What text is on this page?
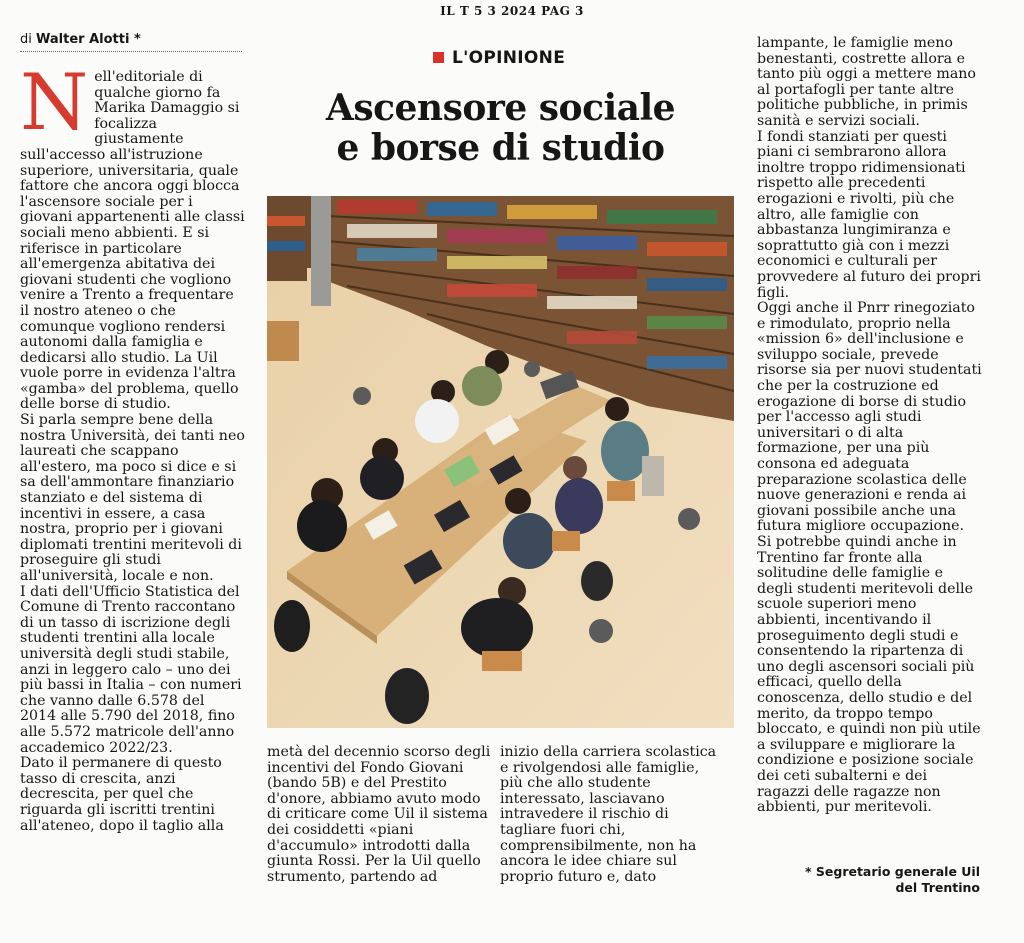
IL T 5 3 2024 PAG 3
di Walter Alotti *

Nell'editoriale di qualche giorno fa Marika Damaggio si focalizza giustamente sull'accesso all'istruzione superiore, universitaria, quale fattore che ancora oggi blocca l'ascensore sociale per i giovani appartenenti alle classi sociali meno abbienti. E si riferisce in particolare all'emergenza abitativa dei giovani studenti che vogliono venire a Trento a frequentare il nostro ateneo o che comunque vogliono rendersi autonomi dalla famiglia e dedicarsi allo studio. La Uil vuole porre in evidenza l'altra «gamba» del problema, quello delle borse di studio.

Si parla sempre bene della nostra Università, dei tanti neo laureati che scappano all'estero, ma poco si dice e si sa dell'ammontare finanziario stanziato e del sistema di incentivi in essere, a casa nostra, proprio per i giovani diplomati trentini meritevoli di proseguire gli studi all'università, locale e non.

I dati dell'Ufficio Statistica del Comune di Trento raccontano di un tasso di iscrizione degli studenti trentini alla locale università degli studi stabile, anzi in leggero calo – uno dei più bassi in Italia – con numeri che vanno dalle 6.578 del 2014 alle 5.790 del 2018, fino alle 5.572 matricole dell'anno accademico 2022/23.

Dato il permanere di questo tasso di crescita, anzi decrescita, per quel che riguarda gli iscritti trentini all'ateneo, dopo il taglio alla

L'OPINIONE
Ascensore sociale
e borse di studio

metà del decennio scorso degli incentivi del Fondo Giovani (bando 5B) e del Prestito d'onore, abbiamo avuto modo di criticare come Uil il sistema dei cosiddetti «piani d'accumulo» introdotti dalla giunta Rossi. Per la Uil quello strumento, partendo ad

inizio della carriera scolastica e rivolgendosi alle famiglie, più che allo studente interessato, lasciavano intravedere il rischio di tagliare fuori chi, comprensibilmente, non ha ancora le idee chiare sul proprio futuro e, dato

lampante, le famiglie meno benestanti, costrette allora e tanto più oggi a mettere mano al portafogli per tante altre politiche pubbliche, in primis sanità e servizi sociali.

I fondi stanziati per questi piani ci sembrarono allora inoltre troppo ridimensionati rispetto alle precedenti erogazioni e rivolti, più che altro, alle famiglie con abbastanza lungimiranza e soprattutto già con i mezzi economici e culturali per provvedere al futuro dei propri figli.

Oggi anche il Pnrr rinegoziato e rimodulato, proprio nella «mission 6» dell'inclusione e sviluppo sociale, prevede risorse sia per nuovi studentati che per la costruzione ed erogazione di borse di studio per l'accesso agli studi universitari o di alta formazione, per una più consona ed adeguata preparazione scolastica delle nuove generazioni e renda ai giovani possibile anche una futura migliore occupazione.

Si potrebbe quindi anche in Trentino far fronte alla solitudine delle famiglie e degli studenti meritevoli delle scuole superiori meno abbienti, incentivando il proseguimento degli studi e consentendo la ripartenza di uno degli ascensori sociali più efficaci, quello della conoscenza, dello studio e del merito, da troppo tempo bloccato, e quindi non più utile a sviluppare e migliorare la condizione e posizione sociale dei ceti subalterni e dei ragazzi delle ragazze non abbienti, pur meritevoli.

* Segretario generale Uil
del Trentino
